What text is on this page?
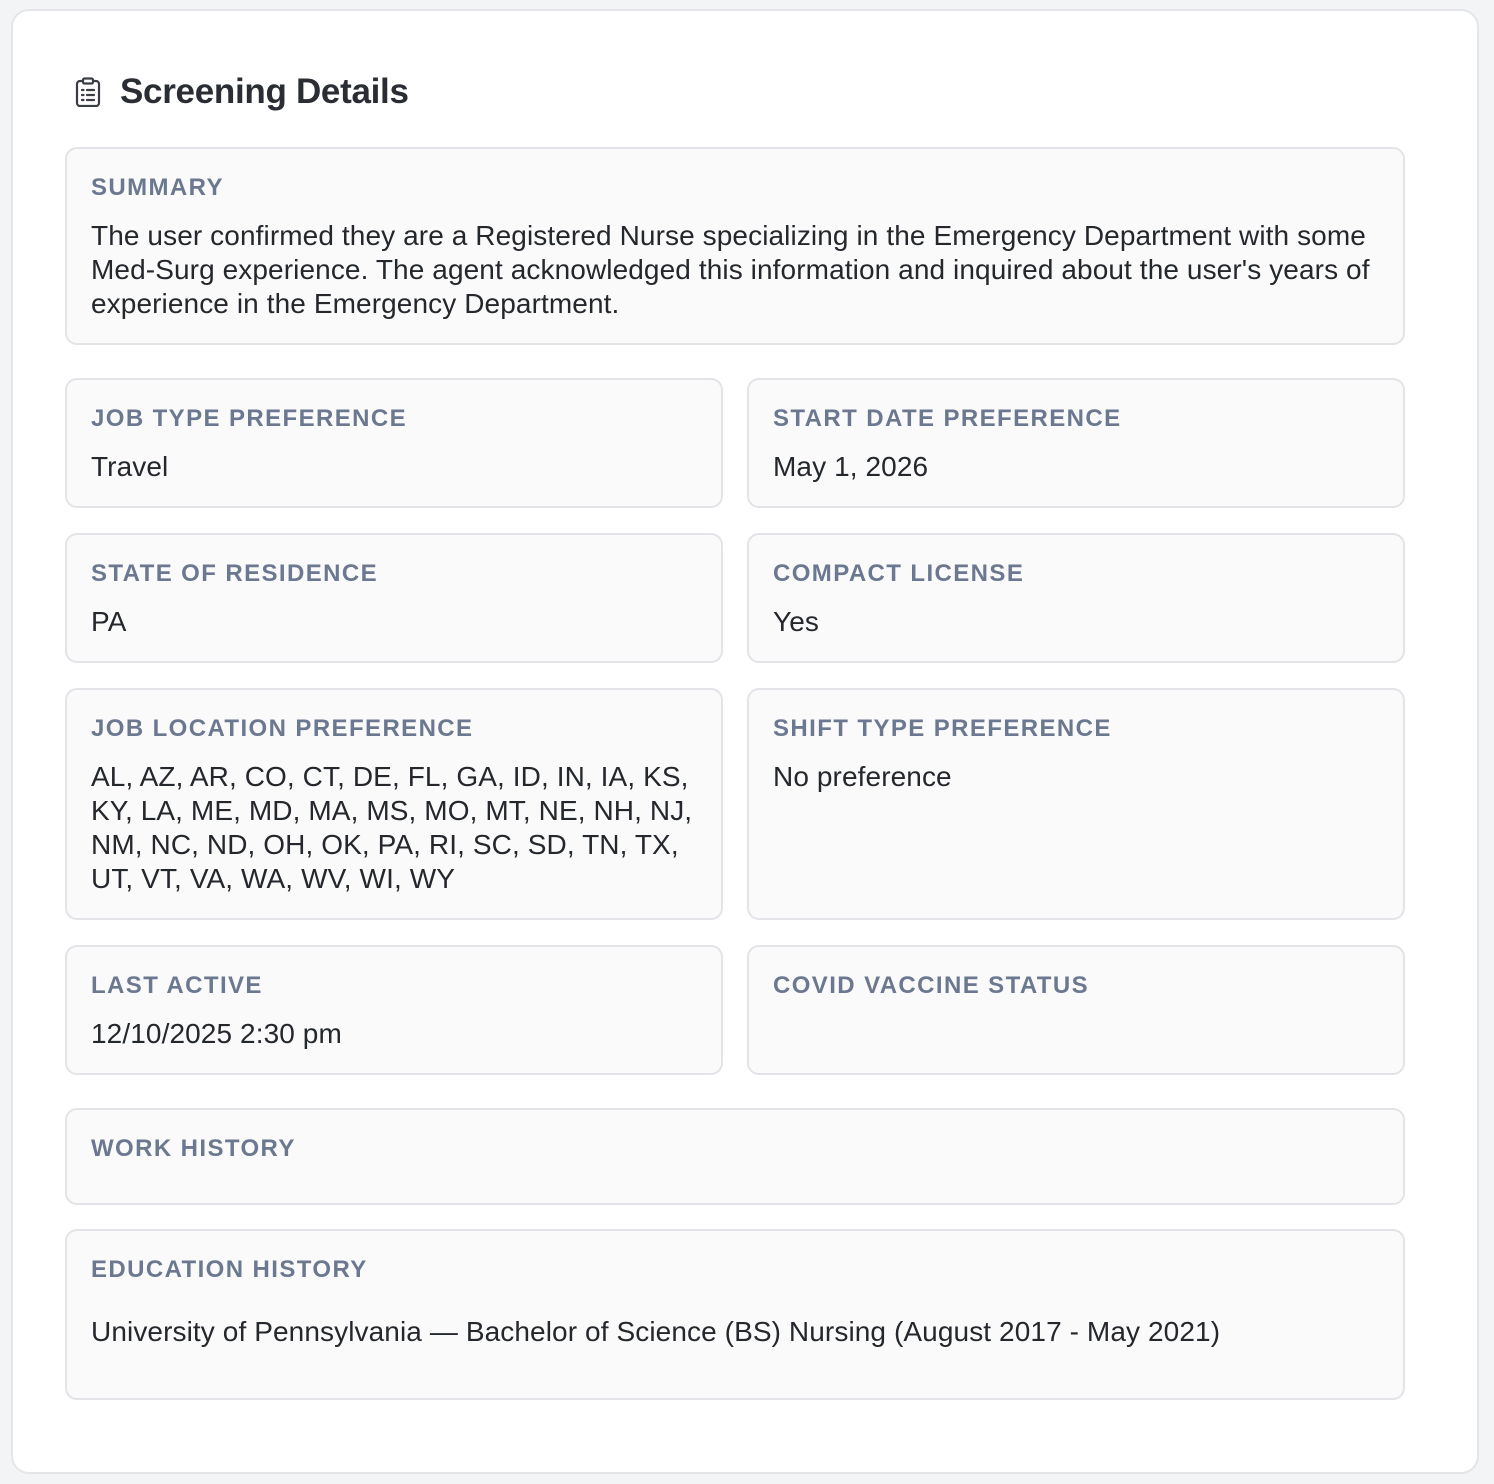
Screening Details
SUMMARY
The user confirmed they are a Registered Nurse specializing in the Emergency Department with some Med-Surg experience. The agent acknowledged this information and inquired about the user's years of experience in the Emergency Department.
JOB TYPE PREFERENCE
Travel
START DATE PREFERENCE
May 1, 2026
STATE OF RESIDENCE
PA
COMPACT LICENSE
Yes
JOB LOCATION PREFERENCE
AL, AZ, AR, CO, CT, DE, FL, GA, ID, IN, IA, KS, KY, LA, ME, MD, MA, MS, MO, MT, NE, NH, NJ, NM, NC, ND, OH, OK, PA, RI, SC, SD, TN, TX, UT, VT, VA, WA, WV, WI, WY
SHIFT TYPE PREFERENCE
No preference
LAST ACTIVE
12/10/2025 2:30 pm
COVID VACCINE STATUS
WORK HISTORY
EDUCATION HISTORY
University of Pennsylvania — Bachelor of Science (BS) Nursing (August 2017 - May 2021)
